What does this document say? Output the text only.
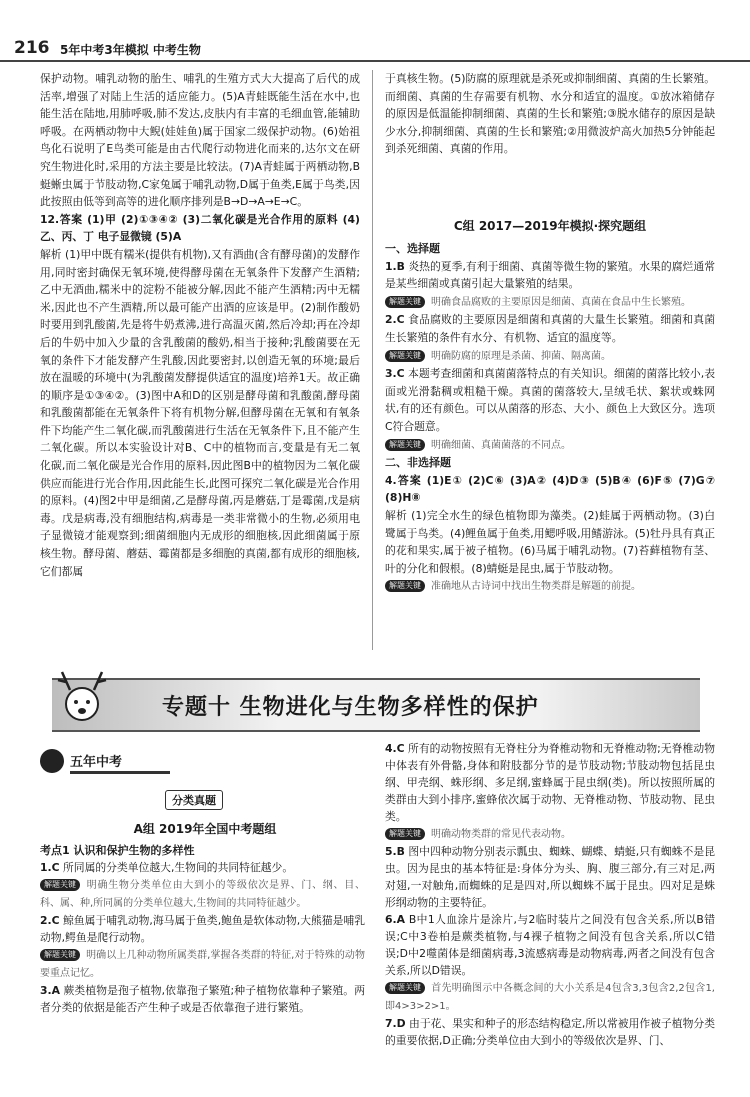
216 5年中考3年模拟 中考生物

保护动物。哺乳动物的胎生、哺乳的生殖方式大大提高了后代的成活率,增强了对陆上生活的适应能力。(5)A青蛙既能生活在水中,也能生活在陆地,用肺呼吸,肺不发达,皮肤内有丰富的毛细血管,能辅助呼吸。在两栖动物中大鲵(娃娃鱼)属于国家二级保护动物。(6)始祖鸟化石说明了E鸟类可能是由古代爬行动物进化而来的,达尔文在研究生物进化时,采用的方法主要是比较法。(7)A青蛙属于两栖动物,B蜓蜥虫属于节肢动物,C家兔属于哺乳动物,D属于鱼类,E属于鸟类,因此按照由低等到高等的进化顺序排列是B→D→A→E→C。

12.答案 (1)甲 (2)①③④② (3)二氧化碳是光合作用的原料 (4)乙、丙、丁 电子显微镜 (5)A

解析 (1)甲中既有糯米(提供有机物),又有酒曲(含有酵母菌)的发酵作用,同时密封确保无氧环境,使得酵母菌在无氧条件下发酵产生酒精;乙中无酒曲,糯米中的淀粉不能被分解,因此不能产生酒精;丙中无糯米,因此也不产生酒精,所以最可能产出酒的应该是甲。(2)制作酸奶时要用到乳酸菌,先是将牛奶煮沸,进行高温灭菌,然后冷却;再在冷却后的牛奶中加入少量的含乳酸菌的酸奶,相当于接种;乳酸菌要在无氧的条件下才能发酵产生乳酸,因此要密封,以创造无氧的环境;最后放在温暖的环境中(为乳酸菌发酵提供适宜的温度)培养1天。故正确的顺序是①③④②。(3)图中A和D的区别是酵母菌和乳酸菌,酵母菌和乳酸菌都能在无氧条件下将有机物分解,但酵母菌在无氧和有氧条件下均能产生二氧化碳,而乳酸菌进行生活在无氧条件下,且不能产生二氧化碳。所以本实验设计对B、C中的植物而言,变量是有无二氧化碳,而二氧化碳是光合作用的原料,因此图B中的植物因为二氧化碳供应而能进行光合作用,因此能生长,此图可探究二氧化碳是光合作用的原料。(4)图2中甲是细菌,乙是酵母菌,丙是蘑菇,丁是霉菌,戊是病毒。戊是病毒,没有细胞结构,病毒是一类非常微小的生物,必须用电子显微镜才能观察到;细菌细胞内无成形的细胞核,因此细菌属于原核生物。酵母菌、蘑菇、霉菌都是多细胞的真菌,都有成形的细胞核,它们都属

于真核生物。(5)防腐的原理就是杀死或抑制细菌、真菌的生长繁殖。而细菌、真菌的生存需要有机物、水分和适宜的温度。①放冰箱储存的原因是低温能抑制细菌、真菌的生长和繁殖;③脱水储存的原因是缺少水分,抑制细菌、真菌的生长和繁殖;②用微波炉高火加热5分钟能起到杀死细菌、真菌的作用。

C组 2017—2019年模拟·探究题组

一、选择题

1.B 炎热的夏季,有利于细菌、真菌等微生物的繁殖。水果的腐烂通常是某些细菌或真菌引起大量繁殖的结果。

解题关键 明确食品腐败的主要原因是细菌、真菌在食品中生长繁殖。

2.C 食品腐败的主要原因是细菌和真菌的大量生长繁殖。细菌和真菌生长繁殖的条件有水分、有机物、适宜的温度等。

解题关键 明确防腐的原理是杀菌、抑菌、隔离菌。

3.C 本题考查细菌和真菌菌落特点的有关知识。细菌的菌落比较小,表面或光滑黏稠或粗糙干燥。真菌的菌落较大,呈绒毛状、絮状或蛛网状,有的还有颜色。可以从菌落的形态、大小、颜色上大致区分。选项C符合题意。

解题关键 明确细菌、真菌菌落的不同点。

二、非选择题

4.答案 (1)E① (2)C⑥ (3)A② (4)D③ (5)B④ (6)F⑤ (7)G⑦ (8)H⑧

解析 (1)完全水生的绿色植物即为藻类。(2)蛙属于两栖动物。(3)白鹭属于鸟类。(4)鲤鱼属于鱼类,用鳃呼吸,用鳍游泳。(5)牡丹具有真正的花和果实,属于被子植物。(6)马属于哺乳动物。(7)苔藓植物有茎、叶的分化和假根。(8)蜻蜓是昆虫,属于节肢动物。

解题关键 准确地从古诗词中找出生物类群是解题的前提。

专题十 生物进化与生物多样性的保护
五年中考
分类真题
A组 2019年全国中考题组

考点1 认识和保护生物的多样性

1.C 所同属的分类单位越大,生物间的共同特征越少。

解题关键 明确生物分类单位由大到小的等级依次是界、门、纲、目、科、属、种,所同属的分类单位越大,生物间的共同特征越少。

2.C 鲸鱼属于哺乳动物,海马属于鱼类,鲍鱼是软体动物,大熊猫是哺乳动物,鳄鱼是爬行动物。

解题关键 明确以上几种动物所属类群,掌握各类群的特征,对于特殊的动物要重点记忆。

3.A 蕨类植物是孢子植物,依靠孢子繁殖;种子植物依靠种子繁殖。两者分类的依据是能否产生种子或是否依靠孢子进行繁殖。

4.C 所有的动物按照有无脊柱分为脊椎动物和无脊椎动物;无脊椎动物中体表有外骨骼,身体和附肢都分节的是节肢动物;节肢动物包括昆虫纲、甲壳纲、蛛形纲、多足纲,蜜蜂属于昆虫纲(类)。所以按照所属的类群由大到小排序,蜜蜂依次属于动物、无脊椎动物、节肢动物、昆虫类。

解题关键 明确动物类群的常见代表动物。

5.B 图中四种动物分别表示瓢虫、蜘蛛、蝴蝶、蜻蜓,只有蜘蛛不是昆虫。因为昆虫的基本特征是:身体分为头、胸、腹三部分,有三对足,两对翅,一对触角,而蜘蛛的足是四对,所以蜘蛛不属于昆虫。四对足是蛛形纲动物的主要特征。

6.A B中1人血涂片是涂片,与2临时装片之间没有包含关系,所以B错误;C中3卷柏是蕨类植物,与4裸子植物之间没有包含关系,所以C错误;D中2噬菌体是细菌病毒,3流感病毒是动物病毒,两者之间没有包含关系,所以D错误。

解题关键 首先明确图示中各概念间的大小关系是4包含3,3包含2,2包含1,即4>3>2>1。

7.D 由于花、果实和种子的形态结构稳定,所以常被用作被子植物分类的重要依据,D正确;分类单位由大到小的等级依次是界、门、
